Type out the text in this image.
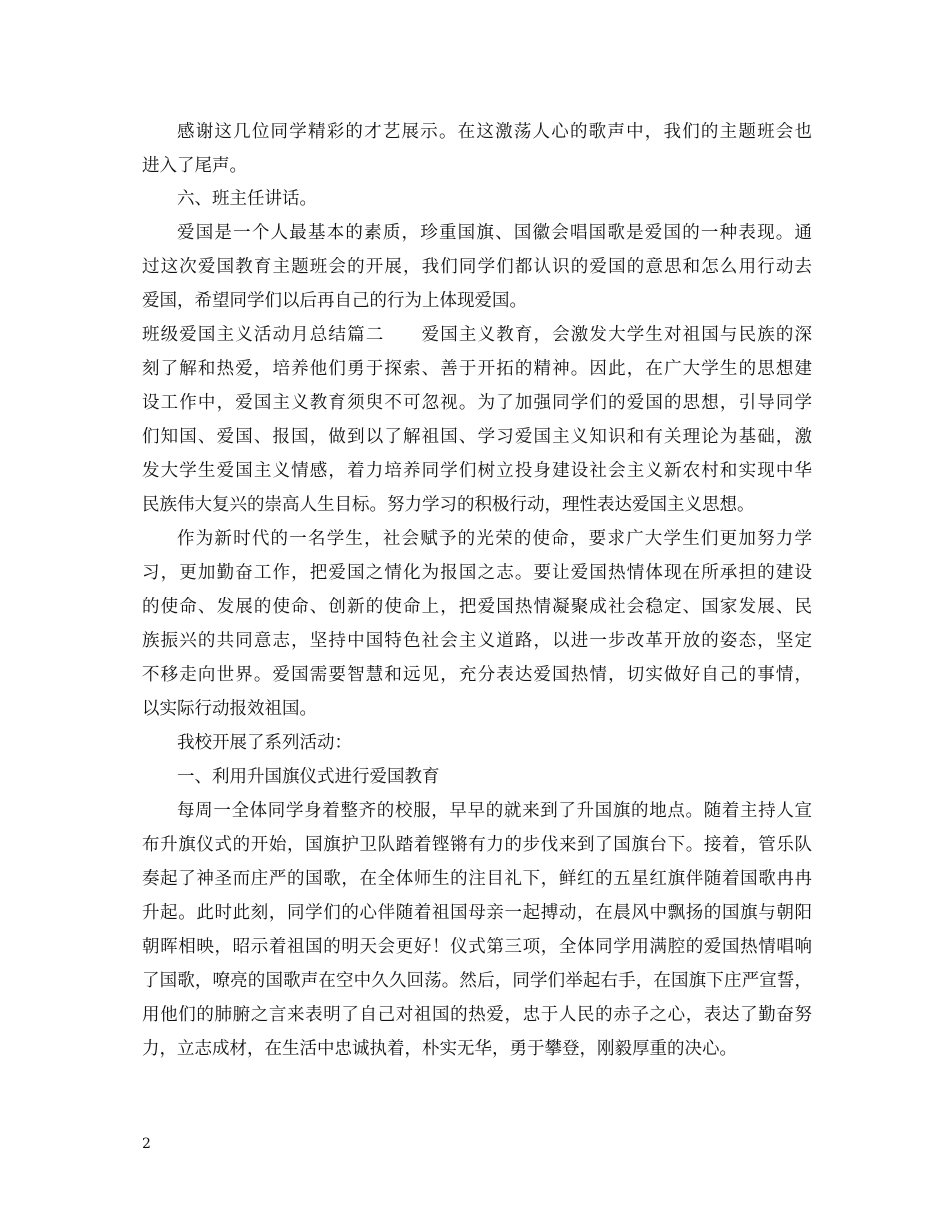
感谢这几位同学精彩的才艺展示。在这激荡人心的歌声中，我们的主题班会也
进入了尾声。
六、班主任讲话。
爱国是一个人最基本的素质，珍重国旗、国徽会唱国歌是爱国的一种表现。通
过这次爱国教育主题班会的开展，我们同学们都认识的爱国的意思和怎么用行动去
爱国，希望同学们以后再自己的行为上体现爱国。
班级爱国主义活动月总结篇二　　爱国主义教育，会激发大学生对祖国与民族的深
刻了解和热爱，培养他们勇于探索、善于开拓的精神。因此，在广大学生的思想建
设工作中，爱国主义教育须臾不可忽视。为了加强同学们的爱国的思想，引导同学
们知国、爱国、报国，做到以了解祖国、学习爱国主义知识和有关理论为基础，激
发大学生爱国主义情感，着力培养同学们树立投身建设社会主义新农村和实现中华
民族伟大复兴的崇高人生目标。努力学习的积极行动，理性表达爱国主义思想。
作为新时代的一名学生，社会赋予的光荣的使命，要求广大学生们更加努力学
习，更加勤奋工作，把爱国之情化为报国之志。要让爱国热情体现在所承担的建设
的使命、发展的使命、创新的使命上，把爱国热情凝聚成社会稳定、国家发展、民
族振兴的共同意志，坚持中国特色社会主义道路，以进一步改革开放的姿态，坚定
不移走向世界。爱国需要智慧和远见，充分表达爱国热情，切实做好自己的事情，
以实际行动报效祖国。
我校开展了系列活动：
一、利用升国旗仪式进行爱国教育
每周一全体同学身着整齐的校服，早早的就来到了升国旗的地点。随着主持人宣
布升旗仪式的开始，国旗护卫队踏着铿锵有力的步伐来到了国旗台下。接着，管乐队
奏起了神圣而庄严的国歌，在全体师生的注目礼下，鲜红的五星红旗伴随着国歌冉冉
升起。此时此刻，同学们的心伴随着祖国母亲一起搏动，在晨风中飘扬的国旗与朝阳
朝晖相映，昭示着祖国的明天会更好！仪式第三项，全体同学用满腔的爱国热情唱响
了国歌，嘹亮的国歌声在空中久久回荡。然后，同学们举起右手，在国旗下庄严宣誓，
用他们的肺腑之言来表明了自己对祖国的热爱，忠于人民的赤子之心，表达了勤奋努
力，立志成材，在生活中忠诚执着，朴实无华，勇于攀登，刚毅厚重的决心。
2
